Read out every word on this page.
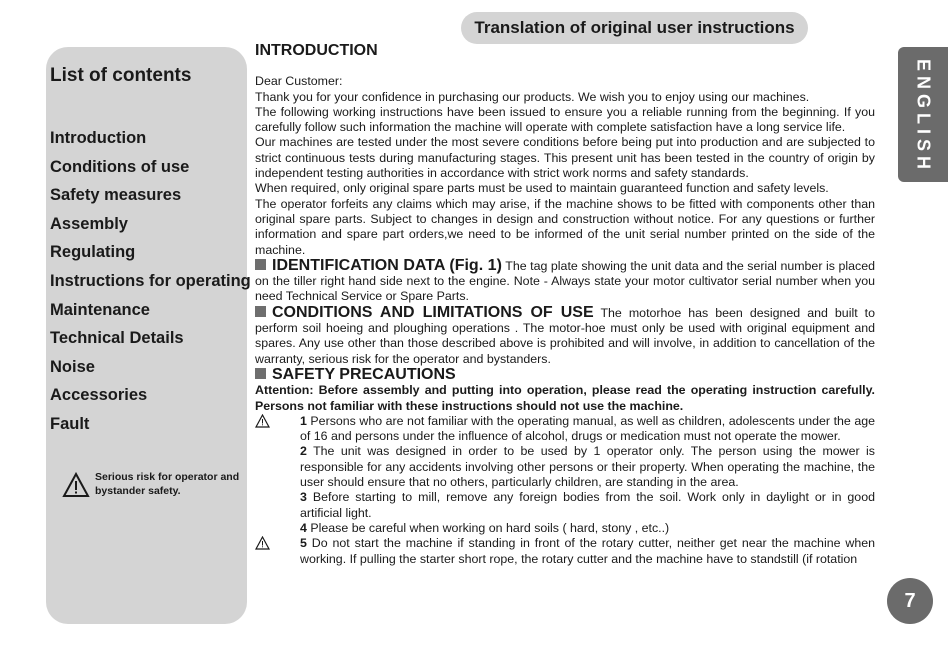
Translation of original user instructions
List of contents
Introduction
Conditions of use
Safety measures
Assembly
Regulating
Instructions for operating
Maintenance
Technical Details
Noise
Accessories
Fault
Serious risk for operator and bystander safety.
ENGLISH
7
INTRODUCTION

Dear Customer:

Thank you for your confidence in purchasing our products. We wish you to enjoy using our machines.

The following working instructions have been issued to ensure you a reliable running from the beginning. If you carefully follow such information the machine will operate with complete satisfaction have a long service life.

Our machines are tested under the most severe conditions before being put into production and are subjected to strict continuous tests during manufacturing stages. This present unit has been tested in the country of origin by independent testing authorities in accordance with strict work norms and safety standards.

When required, only original spare parts must be used to maintain guaranteed function and safety levels.

The operator forfeits any claims which may arise, if the machine shows to be fitted with components other than original spare parts. Subject to changes in design and construction without notice. For any questions or further information and spare part orders,we need to be informed of the unit serial number printed on the side of the machine.

IDENTIFICATION DATA (Fig. 1) The tag plate showing the unit data and the serial number is placed on the tiller right hand side next to the engine. Note - Always state your motor cultivator serial number when you need Technical Service or Spare Parts.

CONDITIONS AND LIMITATIONS OF USE The motorhoe has been designed and built to perform soil hoeing and ploughing operations . The motor-hoe must only be used with original equipment and spares. Any use other than those described above is prohibited and will involve, in addition to cancellation of the warranty, serious risk for the operator and bystanders.

SAFETY PRECAUTIONS

Attention: Before assembly and putting into operation, please read the operating instruction carefully. Persons not familiar with these instructions should not use the machine.

1 Persons who are not familiar with the operating manual, as well as children, adolescents under the age of 16 and persons under the influence of alcohol, drugs or medication must not operate the mower.
2 The unit was designed in order to be used by 1 operator only. The person using the mower is responsible for any accidents involving other persons or their property. When operating the machine, the user should ensure that no others, particularly children, are standing in the area.
3 Before starting to mill, remove any foreign bodies from the soil. Work only in daylight or in good artificial light.
4 Please be careful when working on hard soils ( hard, stony , etc..)
5 Do not start the machine if standing in front of the rotary cutter, neither get near the machine when working. If pulling the starter short rope, the rotary cutter and the machine have to standstill (if rotation
